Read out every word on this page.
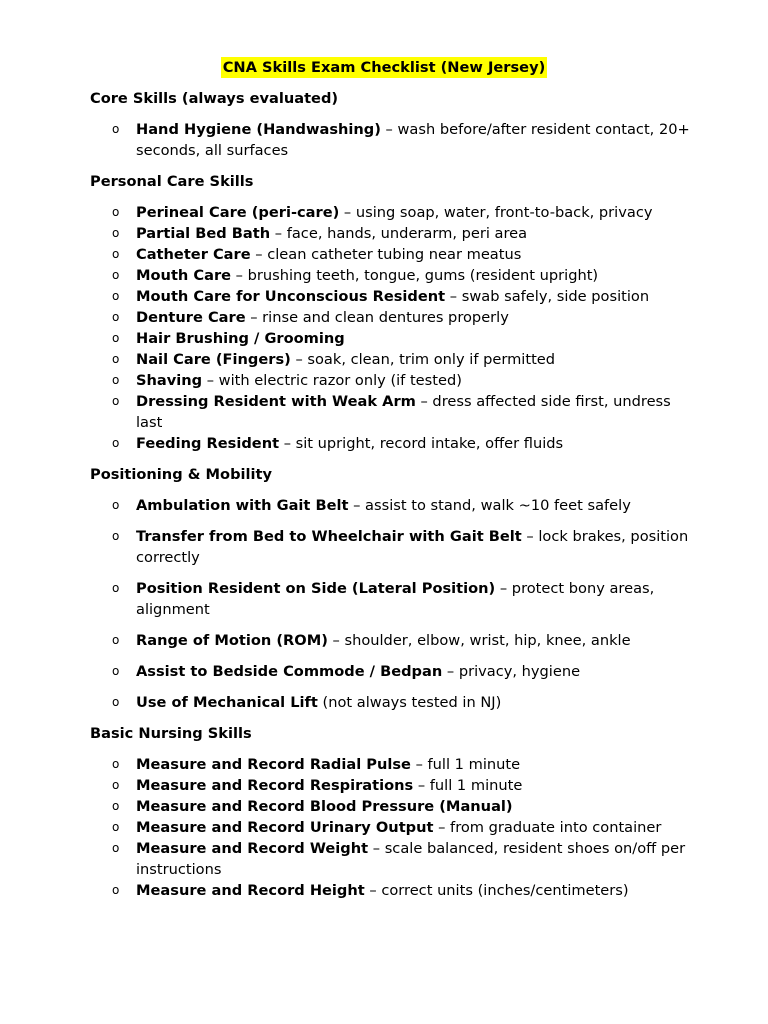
CNA Skills Exam Checklist (New Jersey)
Core Skills (always evaluated)
o Hand Hygiene (Handwashing) – wash before/after resident contact, 20+ seconds, all surfaces
Personal Care Skills
o Perineal Care (peri-care) – using soap, water, front-to-back, privacy
o Partial Bed Bath – face, hands, underarm, peri area
o Catheter Care – clean catheter tubing near meatus
o Mouth Care – brushing teeth, tongue, gums (resident upright)
o Mouth Care for Unconscious Resident – swab safely, side position
o Denture Care – rinse and clean dentures properly
o Hair Brushing / Grooming
o Nail Care (Fingers) – soak, clean, trim only if permitted
o Shaving – with electric razor only (if tested)
o Dressing Resident with Weak Arm – dress affected side first, undress last
o Feeding Resident – sit upright, record intake, offer fluids
Positioning & Mobility
o Ambulation with Gait Belt – assist to stand, walk ~10 feet safely
o Transfer from Bed to Wheelchair with Gait Belt – lock brakes, position correctly
o Position Resident on Side (Lateral Position) – protect bony areas, alignment
o Range of Motion (ROM) – shoulder, elbow, wrist, hip, knee, ankle
o Assist to Bedside Commode / Bedpan – privacy, hygiene
o Use of Mechanical Lift (not always tested in NJ)
Basic Nursing Skills
o Measure and Record Radial Pulse – full 1 minute
o Measure and Record Respirations – full 1 minute
o Measure and Record Blood Pressure (Manual)
o Measure and Record Urinary Output – from graduate into container
o Measure and Record Weight – scale balanced, resident shoes on/off per instructions
o Measure and Record Height – correct units (inches/centimeters)
